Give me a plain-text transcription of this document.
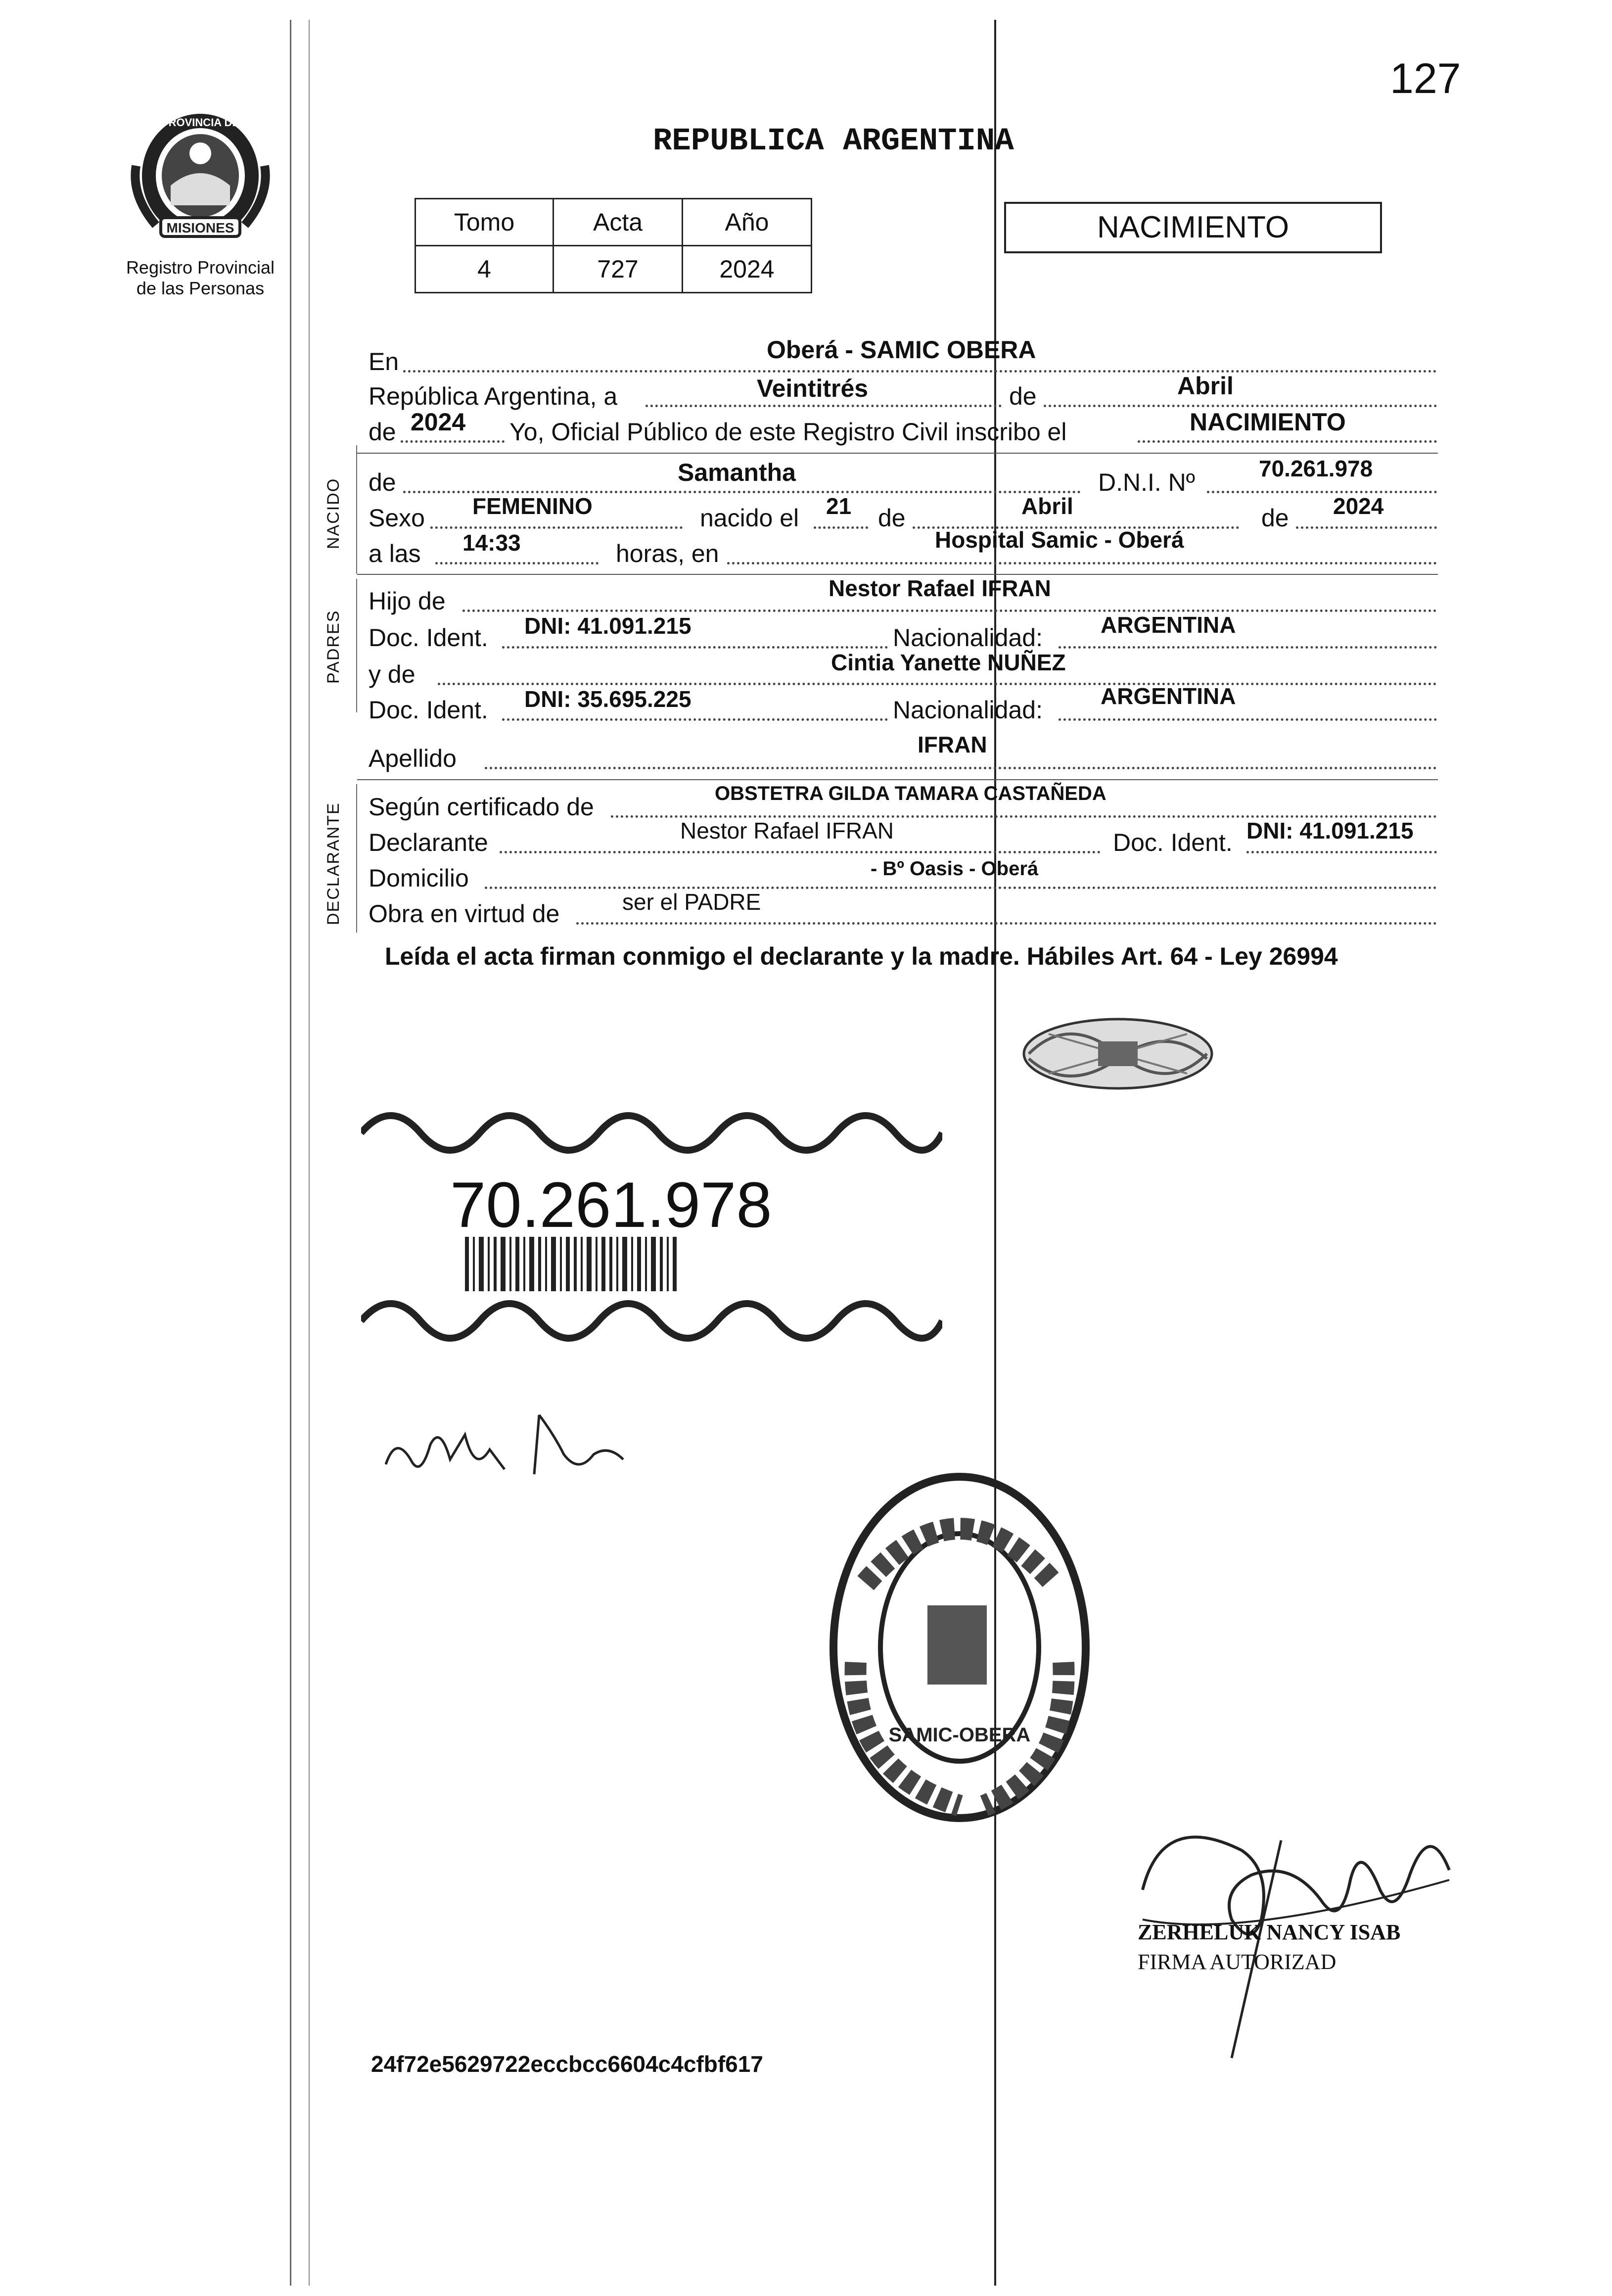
127
MISIONES
PROVINCIA DE
Registro Provincial
de las Personas
REPUBLICA ARGENTINA
Tomo	Acta	Año
4	727	2024
NACIMIENTO
En	Oberá - SAMIC OBERA
República Argentina, a	Veintitrés	de	Abril
de 2024 Yo, Oficial Público de este Registro Civil inscribo el	NACIMIENTO
NACIDO de	Samantha	D.N.I. Nº	70.261.978
Sexo FEMENINO	nacido el 21 de	Abril	de 2024
a las 14:33	horas, en	Hospital Samic - Oberá
PADRES
Hijo de	Nestor Rafael IFRAN
Doc. Ident. DNI: 41.091.215	Nacionalidad:	ARGENTINA
y de	Cintia Yanette NUÑEZ
Doc. Ident. DNI: 35.695.225	Nacionalidad:	ARGENTINA
Apellido	IFRAN
DECLARANTE Según certificado de	OBSTETRA GILDA TAMARA CASTAÑEDA
Declarante	Nestor Rafael IFRAN	Doc. Ident. DNI: 41.091.215
Domicilio	- Bº Oasis - Oberá
Obra en virtud de	ser el PADRE
Leída el acta firman conmigo el declarante y la madre. Hábiles Art. 64 - Ley 26994
70.261.978
SAMIC-OBERA
ZERHELUK NANCY ISAB
FIRMA AUTORIZAD
24f72e5629722eccbcc6604c4cfbf617
